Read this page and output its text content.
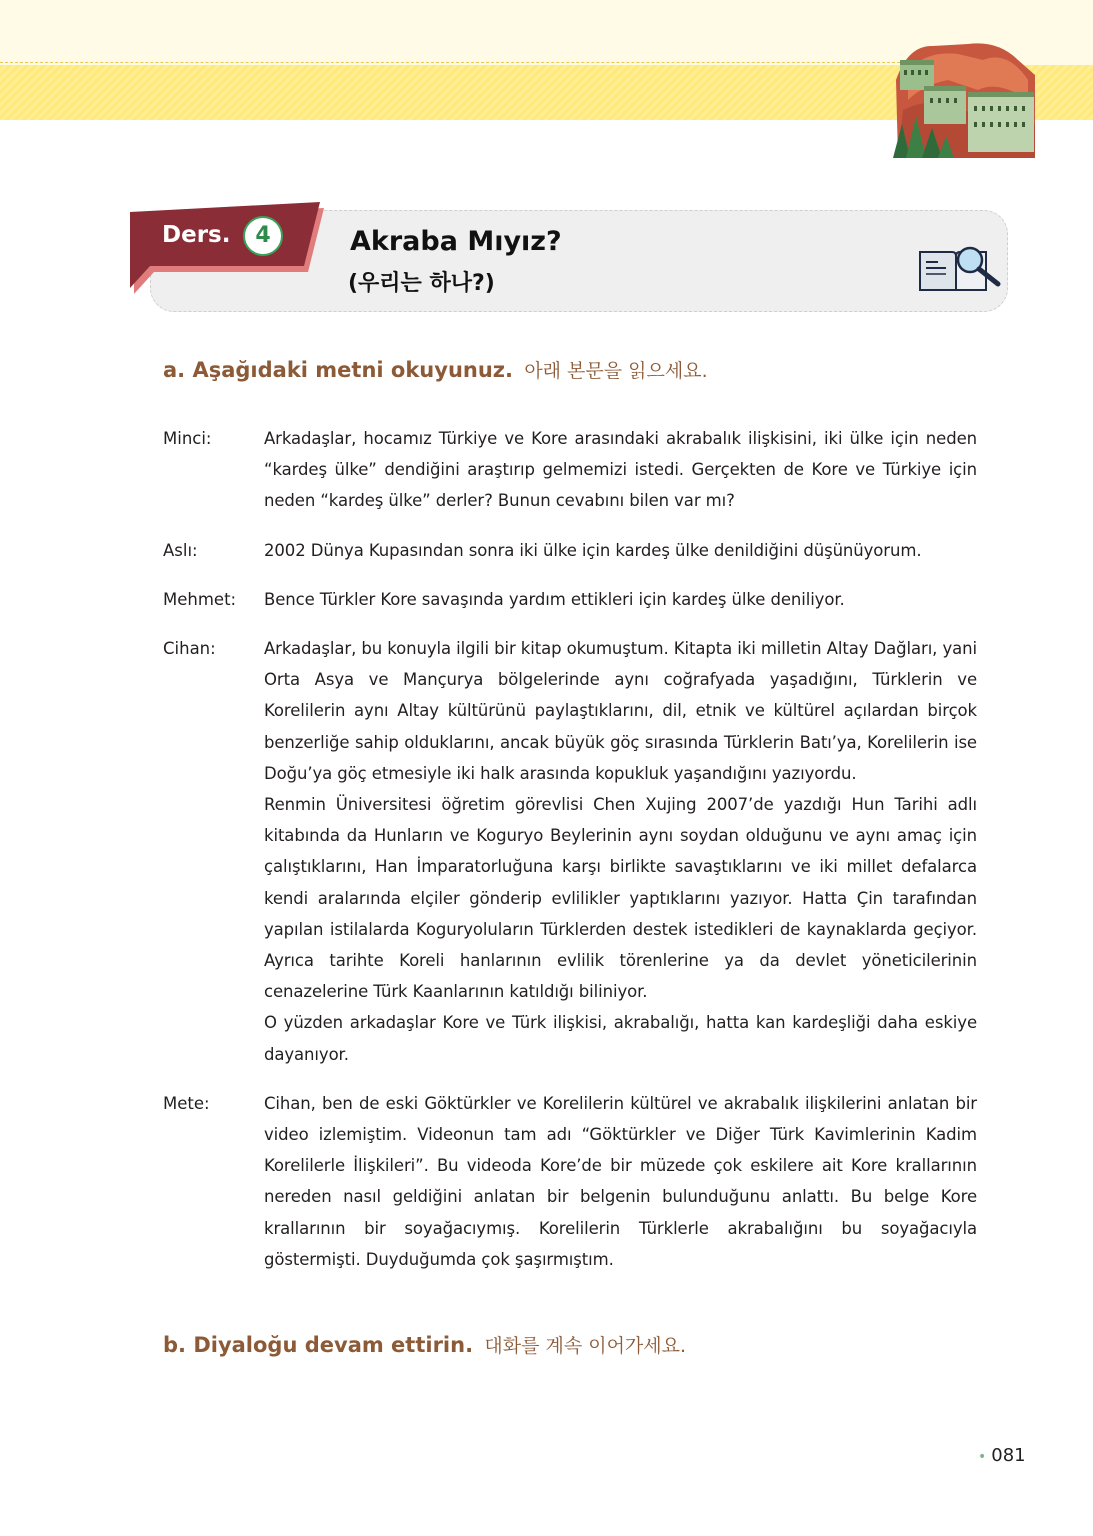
Ders.	4	Akraba Mıyız?
(우리는 하나?)
a. Aşağıdaki metni okuyunuz. 아래 본문을 읽으세요.
Minci:	Arkadaşlar, hocamız Türkiye ve Kore arasındaki akrabalık ilişkisini, iki ülke için neden “kardeş ülke” dendiğini araştırıp gelmemizi istedi. Gerçekten de Kore ve Türkiye için neden “kardeş ülke” derler? Bunun cevabını bilen var mı?

Aslı:	2002 Dünya Kupasından sonra iki ülke için kardeş ülke denildiğini düşünüyorum.

Mehmet:	Bence Türkler Kore savaşında yardım ettikleri için kardeş ülke deniliyor.

Cihan:	Arkadaşlar, bu konuyla ilgili bir kitap okumuştum. Kitapta iki milletin Altay Dağları, yani Orta Asya ve Mançurya bölgelerinde aynı coğrafyada yaşadığını, Türklerin ve Korelilerin aynı Altay kültürünü paylaştıklarını, dil, etnik ve kültürel açılardan birçok benzerliğe sahip olduklarını, ancak büyük göç sırasında Türklerin Batı’ya, Korelilerin ise Doğu’ya göç etmesiyle iki halk arasında kopukluk yaşandığını yazıyordu.

Renmin Üniversitesi öğretim görevlisi Chen Xujing 2007’de yazdığı Hun Tarihi adlı kitabında da Hunların ve Koguryo Beylerinin aynı soydan olduğunu ve aynı amaç için çalıştıklarını, Han İmparatorluğuna karşı birlikte savaştıklarını ve iki millet defalarca kendi aralarında elçiler gönderip evlilikler yaptıklarını yazıyor. Hatta Çin tarafından yapılan istilalarda Koguryoluların Türklerden destek istedikleri de kaynaklarda geçiyor. Ayrıca tarihte Koreli hanlarının evlilik törenlerine ya da devlet yöneticilerinin cenazelerine Türk Kaanlarının katıldığı biliniyor.

O yüzden arkadaşlar Kore ve Türk ilişkisi, akrabalığı, hatta kan kardeşliği daha eskiye dayanıyor.

Mete:	Cihan, ben de eski Göktürkler ve Korelilerin kültürel ve akrabalık ilişkilerini anlatan bir video izlemiştim. Videonun tam adı “Göktürkler ve Diğer Türk Kavimlerinin Kadim Korelilerle İlişkileri”. Bu videoda Kore’de bir müzede çok eskilere ait Kore krallarının nereden nasıl geldiğini anlatan bir belgenin bulunduğunu anlattı. Bu belge Kore krallarının bir soyağacıymış. Korelilerin Türklerle akrabalığını bu soyağacıyla göstermişti. Duyduğumda çok şaşırmıştım.

b. Diyaloğu devam ettirin. 대화를 계속 이어가세요.
• 081
